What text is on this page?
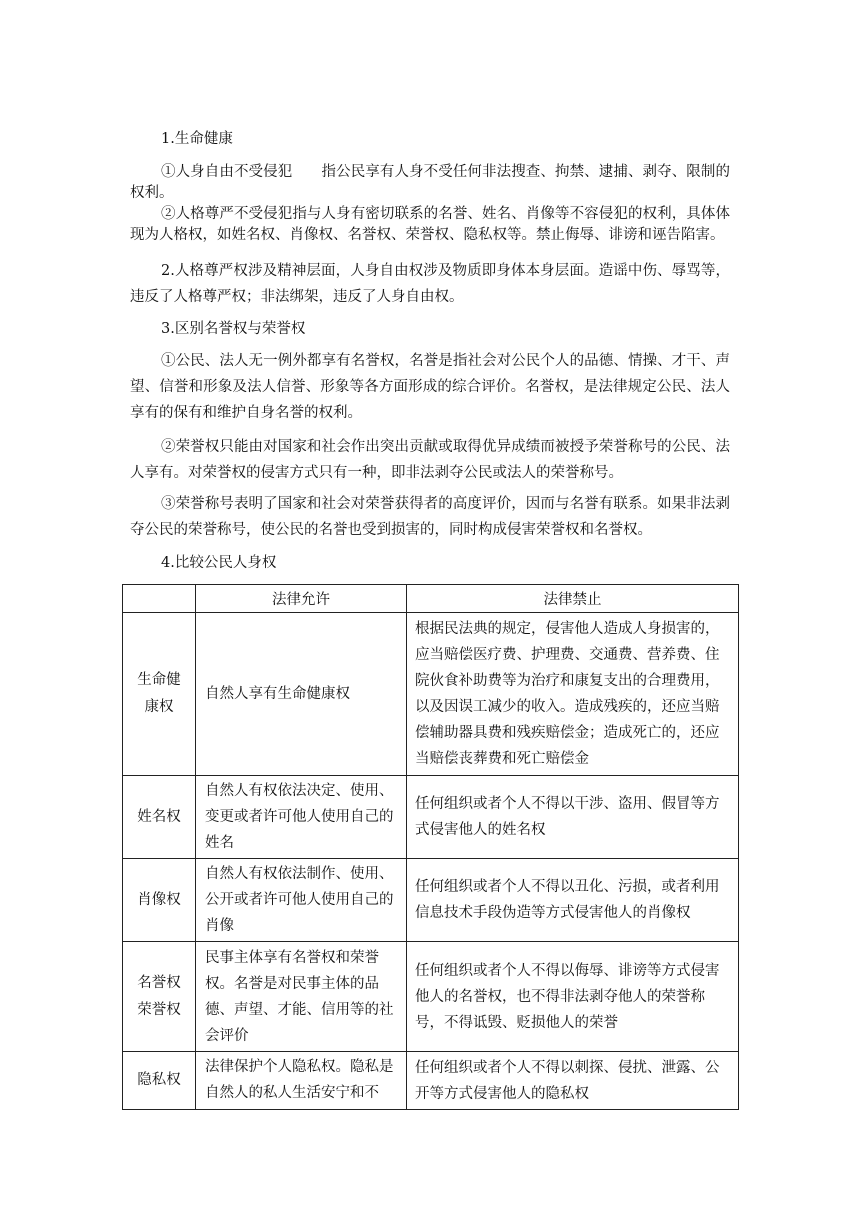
1.生命健康

①人身自由不受侵犯　　指公民享有人身不受任何非法搜查、拘禁、逮捕、剥夺、限制的权利。

②人格尊严不受侵犯指与人身有密切联系的名誉、姓名、肖像等不容侵犯的权利，具体体现为人格权，如姓名权、肖像权、名誉权、荣誉权、隐私权等。禁止侮辱、诽谤和诬告陷害。

2.人格尊严权涉及精神层面，人身自由权涉及物质即身体本身层面。造谣中伤、辱骂等，违反了人格尊严权；非法绑架，违反了人身自由权。

3.区别名誉权与荣誉权

①公民、法人无一例外都享有名誉权，名誉是指社会对公民个人的品德、情操、才干、声望、信誉和形象及法人信誉、形象等各方面形成的综合评价。名誉权，是法律规定公民、法人享有的保有和维护自身名誉的权利。

②荣誉权只能由对国家和社会作出突出贡献或取得优异成绩而被授予荣誉称号的公民、法人享有。对荣誉权的侵害方式只有一种，即非法剥夺公民或法人的荣誉称号。

③荣誉称号表明了国家和社会对荣誉获得者的高度评价，因而与名誉有联系。如果非法剥夺公民的荣誉称号，使公民的名誉也受到损害的，同时构成侵害荣誉权和名誉权。

4.比较公民人身权

	法律允许	法律禁止
生命健康权	自然人享有生命健康权	根据民法典的规定，侵害他人造成人身损害的，应当赔偿医疗费、护理费、交通费、营养费、住院伙食补助费等为治疗和康复支出的合理费用，以及因误工减少的收入。造成残疾的，还应当赔偿辅助器具费和残疾赔偿金；造成死亡的，还应当赔偿丧葬费和死亡赔偿金
姓名权	自然人有权依法决定、使用、变更或者许可他人使用自己的姓名	任何组织或者个人不得以干涉、盗用、假冒等方式侵害他人的姓名权
肖像权	自然人有权依法制作、使用、公开或者许可他人使用自己的肖像	任何组织或者个人不得以丑化、污损，或者利用信息技术手段伪造等方式侵害他人的肖像权
名誉权荣誉权	民事主体享有名誉权和荣誉权。名誉是对民事主体的品德、声望、才能、信用等的社会评价	任何组织或者个人不得以侮辱、诽谤等方式侵害他人的名誉权，也不得非法剥夺他人的荣誉称号，不得诋毁、贬损他人的荣誉
隐私权	法律保护个人隐私权。隐私是自然人的私人生活安宁和不	任何组织或者个人不得以刺探、侵扰、泄露、公开等方式侵害他人的隐私权
